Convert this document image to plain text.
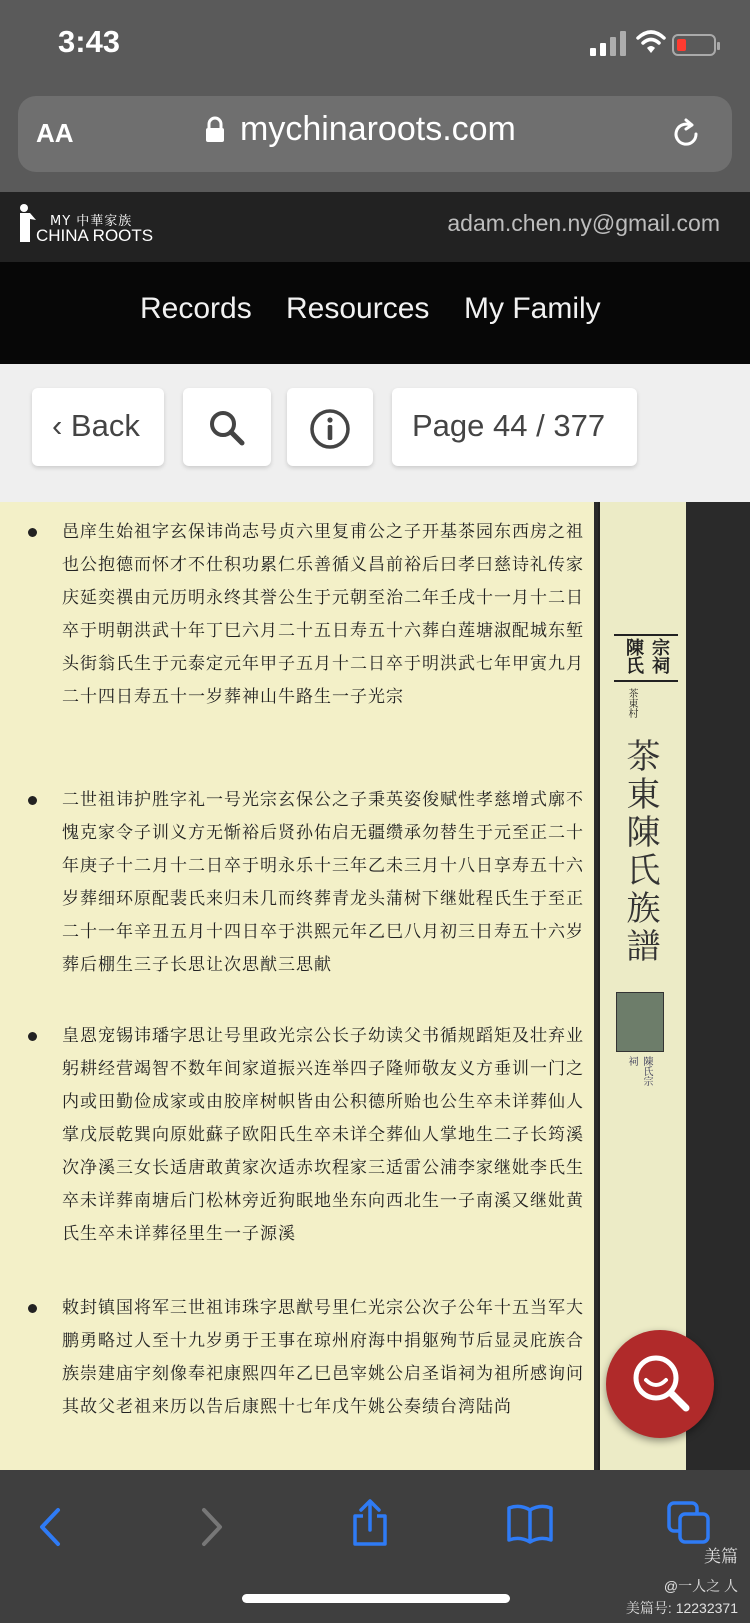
3:43
AA	mychinaroots.com
MY 中華家族
CHINA ROOTS	adam.chen.ny@gmail.com
Records Resources My Family
‹ Back	Page 44 / 377
邑庠生始祖字玄保讳尚志号贞六里复甫公之子开基茶园东西房之祖也公抱德而怀才不仕积功累仁乐善循义昌前裕后曰孝曰慈诗礼传家庆延奕禩由元历明永终其誉公生于元朝至治二年壬戌十一月十二日卒于明朝洪武十年丁巳六月二十五日寿五十六葬白莲塘淑配城东堑头街翁氏生于元泰定元年甲子五月十二日卒于明洪武七年甲寅九月二十四日寿五十一岁葬神山牛路生一子光宗
二世祖讳护胜字礼一号光宗玄保公之子秉英姿俊赋性孝慈增式廓不愧克家令子训义方无惭裕后贤孙佑启无疆缵承勿替生于元至正二十年庚子十二月十二日卒于明永乐十三年乙未三月十八日享寿五十六岁葬细环原配裴氏来归未几而终葬青龙头蒲树下继妣程氏生于至正二十一年辛丑五月十四日卒于洪熙元年乙巳八月初三日寿五十六岁葬后棚生三子长思让次思猷三思献
皇恩宠锡讳璠字思让号里政光宗公长子幼读父书循规蹈矩及壮弃业躬耕经营竭智不数年间家道振兴连举四子隆师敬友义方垂训一门之内或田勤俭成家或由胶庠树帜皆由公积德所贻也公生卒未详葬仙人掌戊辰乾巽向原妣蘇子欧阳氏生卒未详仝葬仙人掌地生二子长筠溪次净溪三女长适唐敢黄家次适赤坎程家三适雷公浦李家继妣李氏生卒未详葬南塘后门松林旁近狗眠地坐东向西北生一子南溪又继妣黄氏生卒未详葬径里生一子源溪
敕封镇国将军三世祖讳珠字思猷号里仁光宗公次子公年十五当军大鹏勇略过人至十九岁勇于王事在琼州府海中捐躯殉节后显灵庇族合族崇建庙宇刻像奉祀康熙四年乙巳邑宰姚公启圣诣祠为祖所感询问其故父老祖来历以告后康熙十七年戊午姚公奏绩台湾陆尚
宗祠 陳氏
茶東村
茶東陳氏族譜
陳氏宗祠
美篇
@一人之 人
美篇号: 12232371
